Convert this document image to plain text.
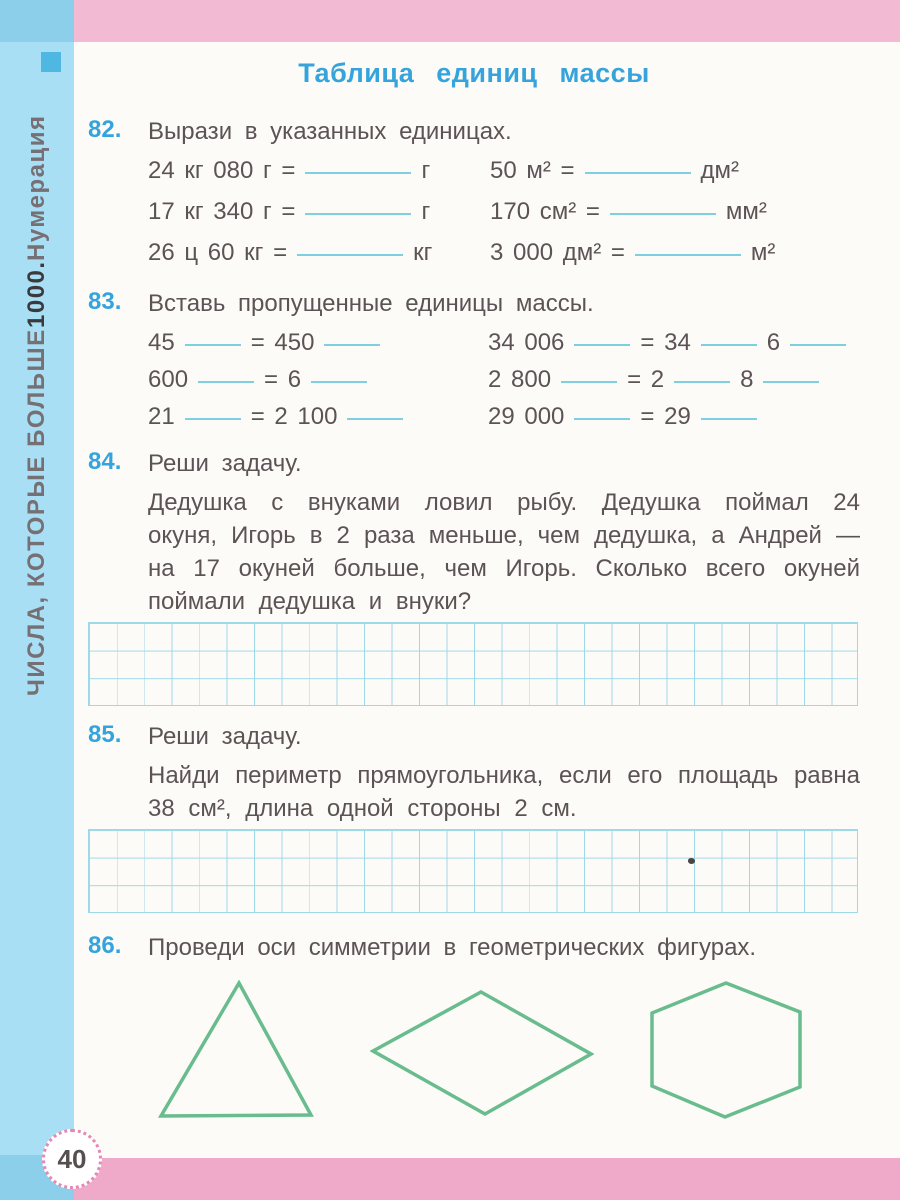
ЧИСЛА, КОТОРЫЕ БОЛЬШЕ
1000.
Нумерация
40
Таблица единиц массы
82.	Вырази в указанных единицах.
24 кг 080 г =	г
17 кг 340 г =	г
26 ц 60 кг =	кг
50 м² =	дм²
170 см² =	мм²
3 000 дм² =	м²
83.	Вставь пропущенные единицы массы.
45	= 450
600	= 6
21	= 2 100
34 006	= 34	6
2 800	= 2	8
29 000	= 29
84.	Реши задачу.
Дедушка с внуками ловил рыбу. Дедушка поймал 24 окуня, Игорь в 2 раза меньше, чем дедушка, а Андрей — на 17 окуней больше, чем Игорь. Сколько всего окуней поймали дедушка и внуки?
85.	Реши задачу.
Найди периметр прямоугольника, если его площадь равна 38 см², длина одной стороны 2 см.
86.	Проведи оси симметрии в геометрических фигурах.
